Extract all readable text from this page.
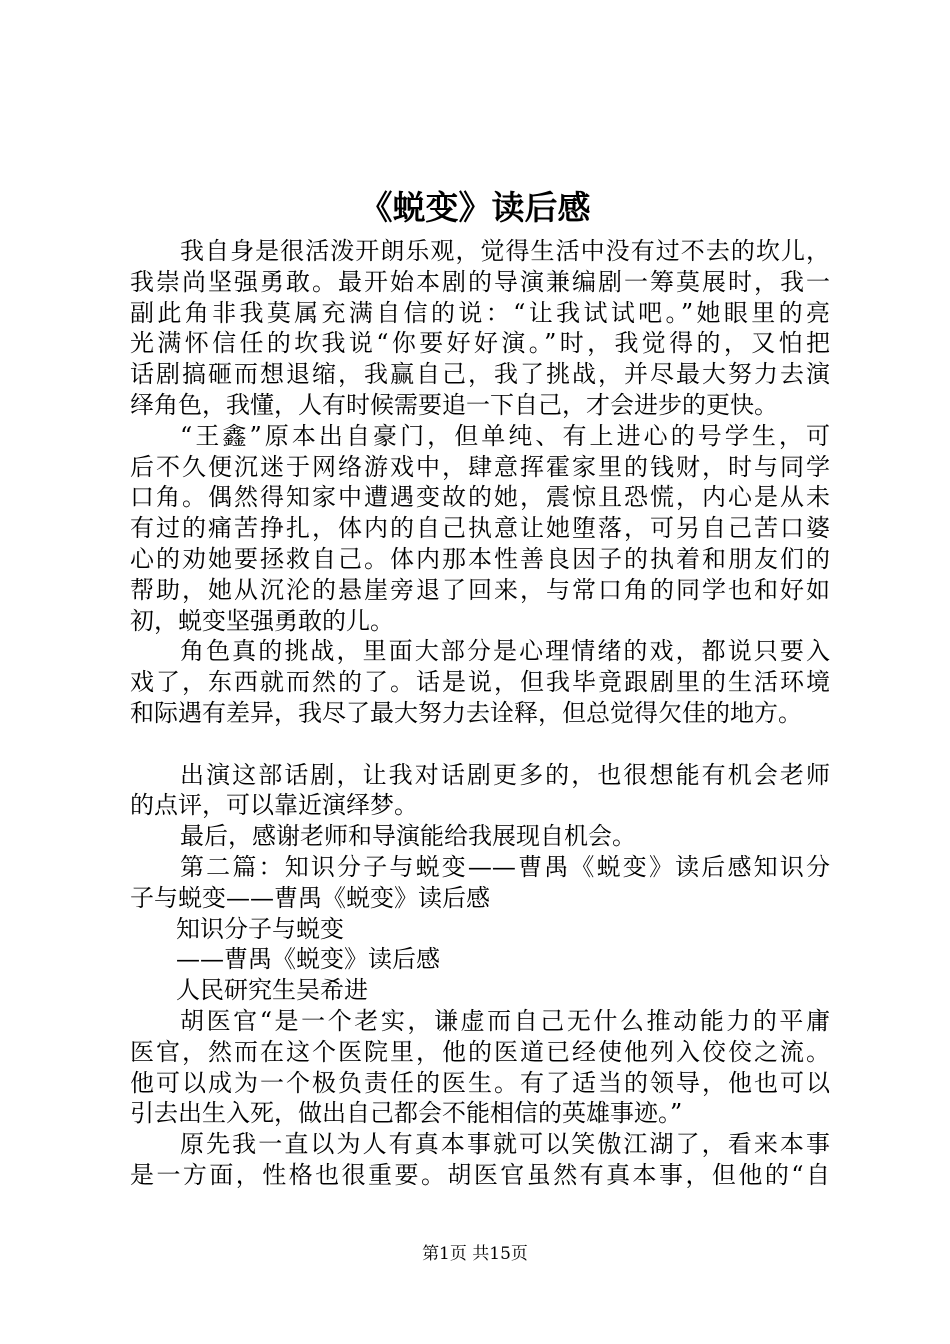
《蜕变》读后感
我自身是很活泼开朗乐观，觉得生活中没有过不去的坎儿，
我崇尚坚强勇敢。最开始本剧的导演兼编剧一筹莫展时，我一
副此角非我莫属充满自信的说：“让我试试吧。”她眼里的亮
光满怀信任的坎我说“你要好好演。”时，我觉得的，又怕把
话剧搞砸而想退缩，我赢自己，我了挑战，并尽最大努力去演
绎角色，我懂，人有时候需要追一下自己，才会进步的更快。
“王鑫”原本出自豪门，但单纯、有上进心的号学生，可
后不久便沉迷于网络游戏中，肆意挥霍家里的钱财，时与同学
口角。偶然得知家中遭遇变故的她，震惊且恐慌，内心是从未
有过的痛苦挣扎，体内的自己执意让她堕落，可另自己苦口婆
心的劝她要拯救自己。体内那本性善良因子的执着和朋友们的
帮助，她从沉沦的悬崖旁退了回来，与常口角的同学也和好如
初，蜕变坚强勇敢的儿。
角色真的挑战，里面大部分是心理情绪的戏，都说只要入
戏了，东西就而然的了。话是说，但我毕竟跟剧里的生活环境
和际遇有差异，我尽了最大努力去诠释，但总觉得欠佳的地方。
出演这部话剧，让我对话剧更多的，也很想能有机会老师
的点评，可以靠近演绎梦。
最后，感谢老师和导演能给我展现自机会。
第二篇：知识分子与蜕变——曹禺《蜕变》读后感知识分
子与蜕变——曹禺《蜕变》读后感
知识分子与蜕变
——曹禺《蜕变》读后感
人民研究生吴希进
胡医官“是一个老实，谦虚而自己无什么推动能力的平庸
医官，然而在这个医院里，他的医道已经使他列入佼佼之流。
他可以成为一个极负责任的医生。有了适当的领导，他也可以
引去出生入死，做出自己都会不能相信的英雄事迹。”
原先我一直以为人有真本事就可以笑傲江湖了，看来本事
是一方面，性格也很重要。胡医官虽然有真本事，但他的“自
第1页 共15页
